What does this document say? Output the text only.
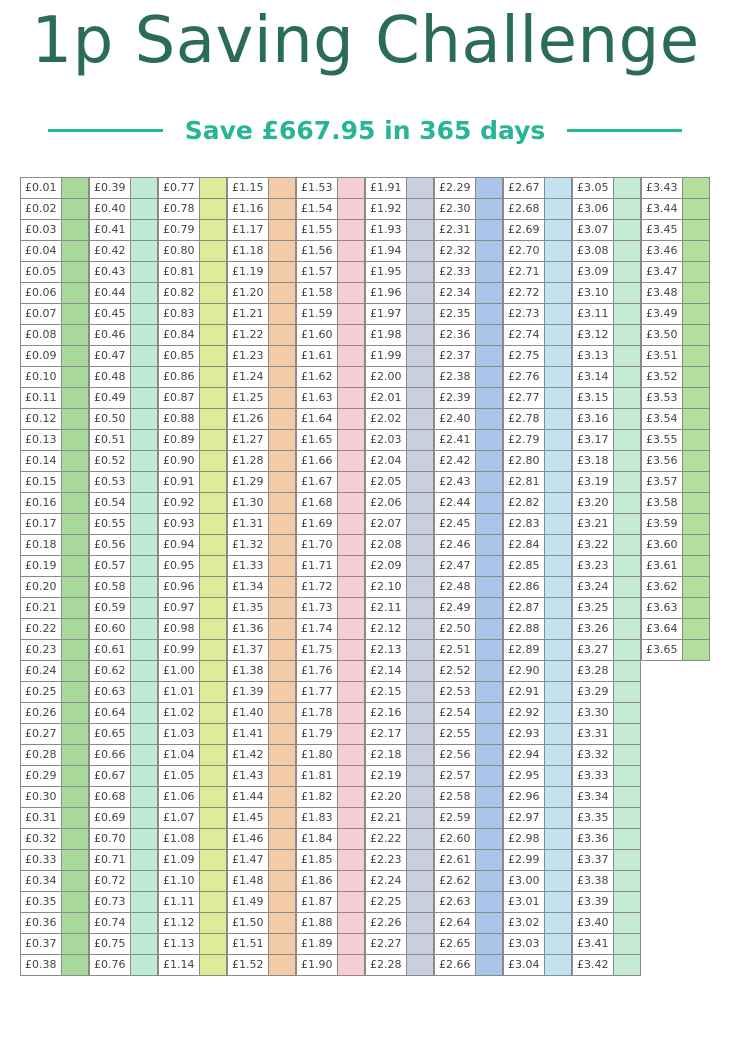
1p Saving Challenge
Save £667.95 in 365 days
£0.01
£0.02
£0.03
£0.04
£0.05
£0.06
£0.07
£0.08
£0.09
£0.10
£0.11
£0.12
£0.13
£0.14
£0.15
£0.16
£0.17
£0.18
£0.19
£0.20
£0.21
£0.22
£0.23
£0.24
£0.25
£0.26
£0.27
£0.28
£0.29
£0.30
£0.31
£0.32
£0.33
£0.34
£0.35
£0.36
£0.37
£0.38
£0.39
£0.40
£0.41
£0.42
£0.43
£0.44
£0.45
£0.46
£0.47
£0.48
£0.49
£0.50
£0.51
£0.52
£0.53
£0.54
£0.55
£0.56
£0.57
£0.58
£0.59
£0.60
£0.61
£0.62
£0.63
£0.64
£0.65
£0.66
£0.67
£0.68
£0.69
£0.70
£0.71
£0.72
£0.73
£0.74
£0.75
£0.76
£0.77
£0.78
£0.79
£0.80
£0.81
£0.82
£0.83
£0.84
£0.85
£0.86
£0.87
£0.88
£0.89
£0.90
£0.91
£0.92
£0.93
£0.94
£0.95
£0.96
£0.97
£0.98
£0.99
£1.00
£1.01
£1.02
£1.03
£1.04
£1.05
£1.06
£1.07
£1.08
£1.09
£1.10
£1.11
£1.12
£1.13
£1.14
£1.15
£1.16
£1.17
£1.18
£1.19
£1.20
£1.21
£1.22
£1.23
£1.24
£1.25
£1.26
£1.27
£1.28
£1.29
£1.30
£1.31
£1.32
£1.33
£1.34
£1.35
£1.36
£1.37
£1.38
£1.39
£1.40
£1.41
£1.42
£1.43
£1.44
£1.45
£1.46
£1.47
£1.48
£1.49
£1.50
£1.51
£1.52
£1.53
£1.54
£1.55
£1.56
£1.57
£1.58
£1.59
£1.60
£1.61
£1.62
£1.63
£1.64
£1.65
£1.66
£1.67
£1.68
£1.69
£1.70
£1.71
£1.72
£1.73
£1.74
£1.75
£1.76
£1.77
£1.78
£1.79
£1.80
£1.81
£1.82
£1.83
£1.84
£1.85
£1.86
£1.87
£1.88
£1.89
£1.90
£1.91
£1.92
£1.93
£1.94
£1.95
£1.96
£1.97
£1.98
£1.99
£2.00
£2.01
£2.02
£2.03
£2.04
£2.05
£2.06
£2.07
£2.08
£2.09
£2.10
£2.11
£2.12
£2.13
£2.14
£2.15
£2.16
£2.17
£2.18
£2.19
£2.20
£2.21
£2.22
£2.23
£2.24
£2.25
£2.26
£2.27
£2.28
£2.29
£2.30
£2.31
£2.32
£2.33
£2.34
£2.35
£2.36
£2.37
£2.38
£2.39
£2.40
£2.41
£2.42
£2.43
£2.44
£2.45
£2.46
£2.47
£2.48
£2.49
£2.50
£2.51
£2.52
£2.53
£2.54
£2.55
£2.56
£2.57
£2.58
£2.59
£2.60
£2.61
£2.62
£2.63
£2.64
£2.65
£2.66
£2.67
£2.68
£2.69
£2.70
£2.71
£2.72
£2.73
£2.74
£2.75
£2.76
£2.77
£2.78
£2.79
£2.80
£2.81
£2.82
£2.83
£2.84
£2.85
£2.86
£2.87
£2.88
£2.89
£2.90
£2.91
£2.92
£2.93
£2.94
£2.95
£2.96
£2.97
£2.98
£2.99
£3.00
£3.01
£3.02
£3.03
£3.04
£3.05
£3.06
£3.07
£3.08
£3.09
£3.10
£3.11
£3.12
£3.13
£3.14
£3.15
£3.16
£3.17
£3.18
£3.19
£3.20
£3.21
£3.22
£3.23
£3.24
£3.25
£3.26
£3.27
£3.28
£3.29
£3.30
£3.31
£3.32
£3.33
£3.34
£3.35
£3.36
£3.37
£3.38
£3.39
£3.40
£3.41
£3.42
£3.43
£3.44
£3.45
£3.46
£3.47
£3.48
£3.49
£3.50
£3.51
£3.52
£3.53
£3.54
£3.55
£3.56
£3.57
£3.58
£3.59
£3.60
£3.61
£3.62
£3.63
£3.64
£3.65
